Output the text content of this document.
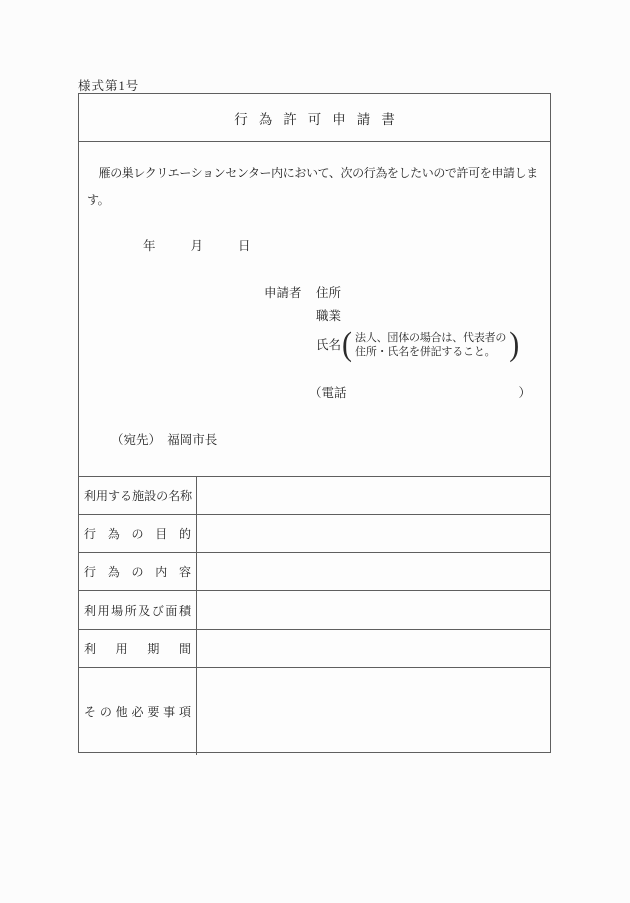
様式第1号
行為許可申請書
　雁の巣レクリエーションセンター内において、次の行為をしたいので許可を申請します。
年	月	日
申請者	住所
職業
氏名 ( 法人、団体の場合は、代表者の
住所・氏名を併記すること。 )
（電話	）
（宛先）　福岡市長
利 用 す る 施 設 の 名 称
行 為 の 目 的
行 為 の 内 容
利 用 場 所 及 び 面 積
利 用 期 間
そ の 他 必 要 事 項
